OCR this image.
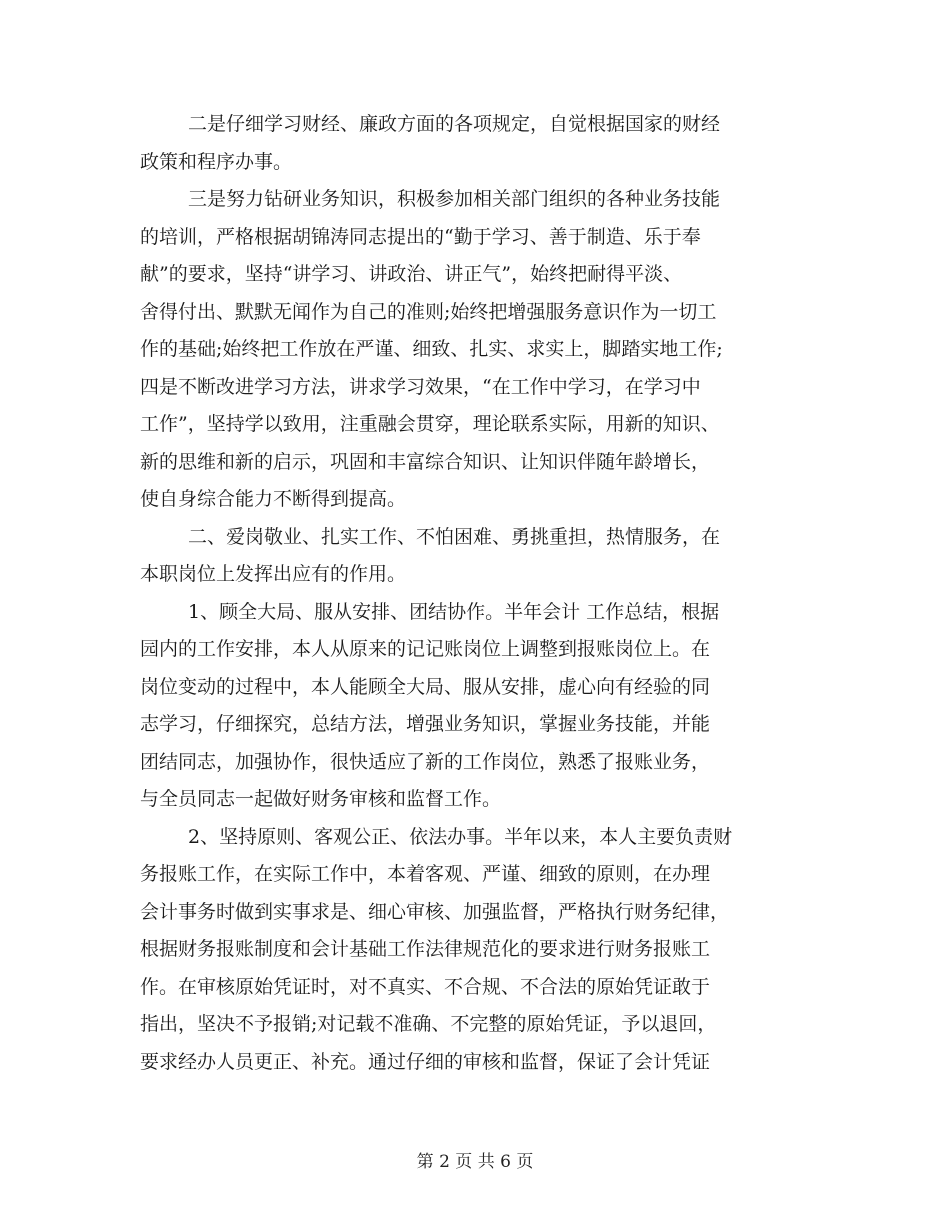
二是仔细学习财经、廉政方面的各项规定，自觉根据国家的财经
政策和程序办事。
三是努力钻研业务知识，积极参加相关部门组织的各种业务技能
的培训，严格根据胡锦涛同志提出的“勤于学习、善于制造、乐于奉
献”的要求，坚持“讲学习、讲政治、讲正气”，始终把耐得平淡、
舍得付出、默默无闻作为自己的准则;始终把增强服务意识作为一切工
作的基础;始终把工作放在严谨、细致、扎实、求实上，脚踏实地工作;
四是不断改进学习方法，讲求学习效果，“在工作中学习，在学习中
工作”，坚持学以致用，注重融会贯穿，理论联系实际，用新的知识、
新的思维和新的启示，巩固和丰富综合知识、让知识伴随年龄增长，
使自身综合能力不断得到提高。
二、爱岗敬业、扎实工作、不怕困难、勇挑重担，热情服务，在
本职岗位上发挥出应有的作用。
1、顾全大局、服从安排、团结协作。半年会计 工作总结，根据
园内的工作安排，本人从原来的记记账岗位上调整到报账岗位上。在
岗位变动的过程中，本人能顾全大局、服从安排，虚心向有经验的同
志学习，仔细探究，总结方法，增强业务知识，掌握业务技能，并能
团结同志，加强协作，很快适应了新的工作岗位，熟悉了报账业务，
与全员同志一起做好财务审核和监督工作。
2、坚持原则、客观公正、依法办事。半年以来，本人主要负责财
务报账工作，在实际工作中，本着客观、严谨、细致的原则，在办理
会计事务时做到实事求是、细心审核、加强监督，严格执行财务纪律，
根据财务报账制度和会计基础工作法律规范化的要求进行财务报账工
作。在审核原始凭证时，对不真实、不合规、不合法的原始凭证敢于
指出，坚决不予报销;对记载不准确、不完整的原始凭证，予以退回，
要求经办人员更正、补充。通过仔细的审核和监督，保证了会计凭证
第 2 页 共 6 页
